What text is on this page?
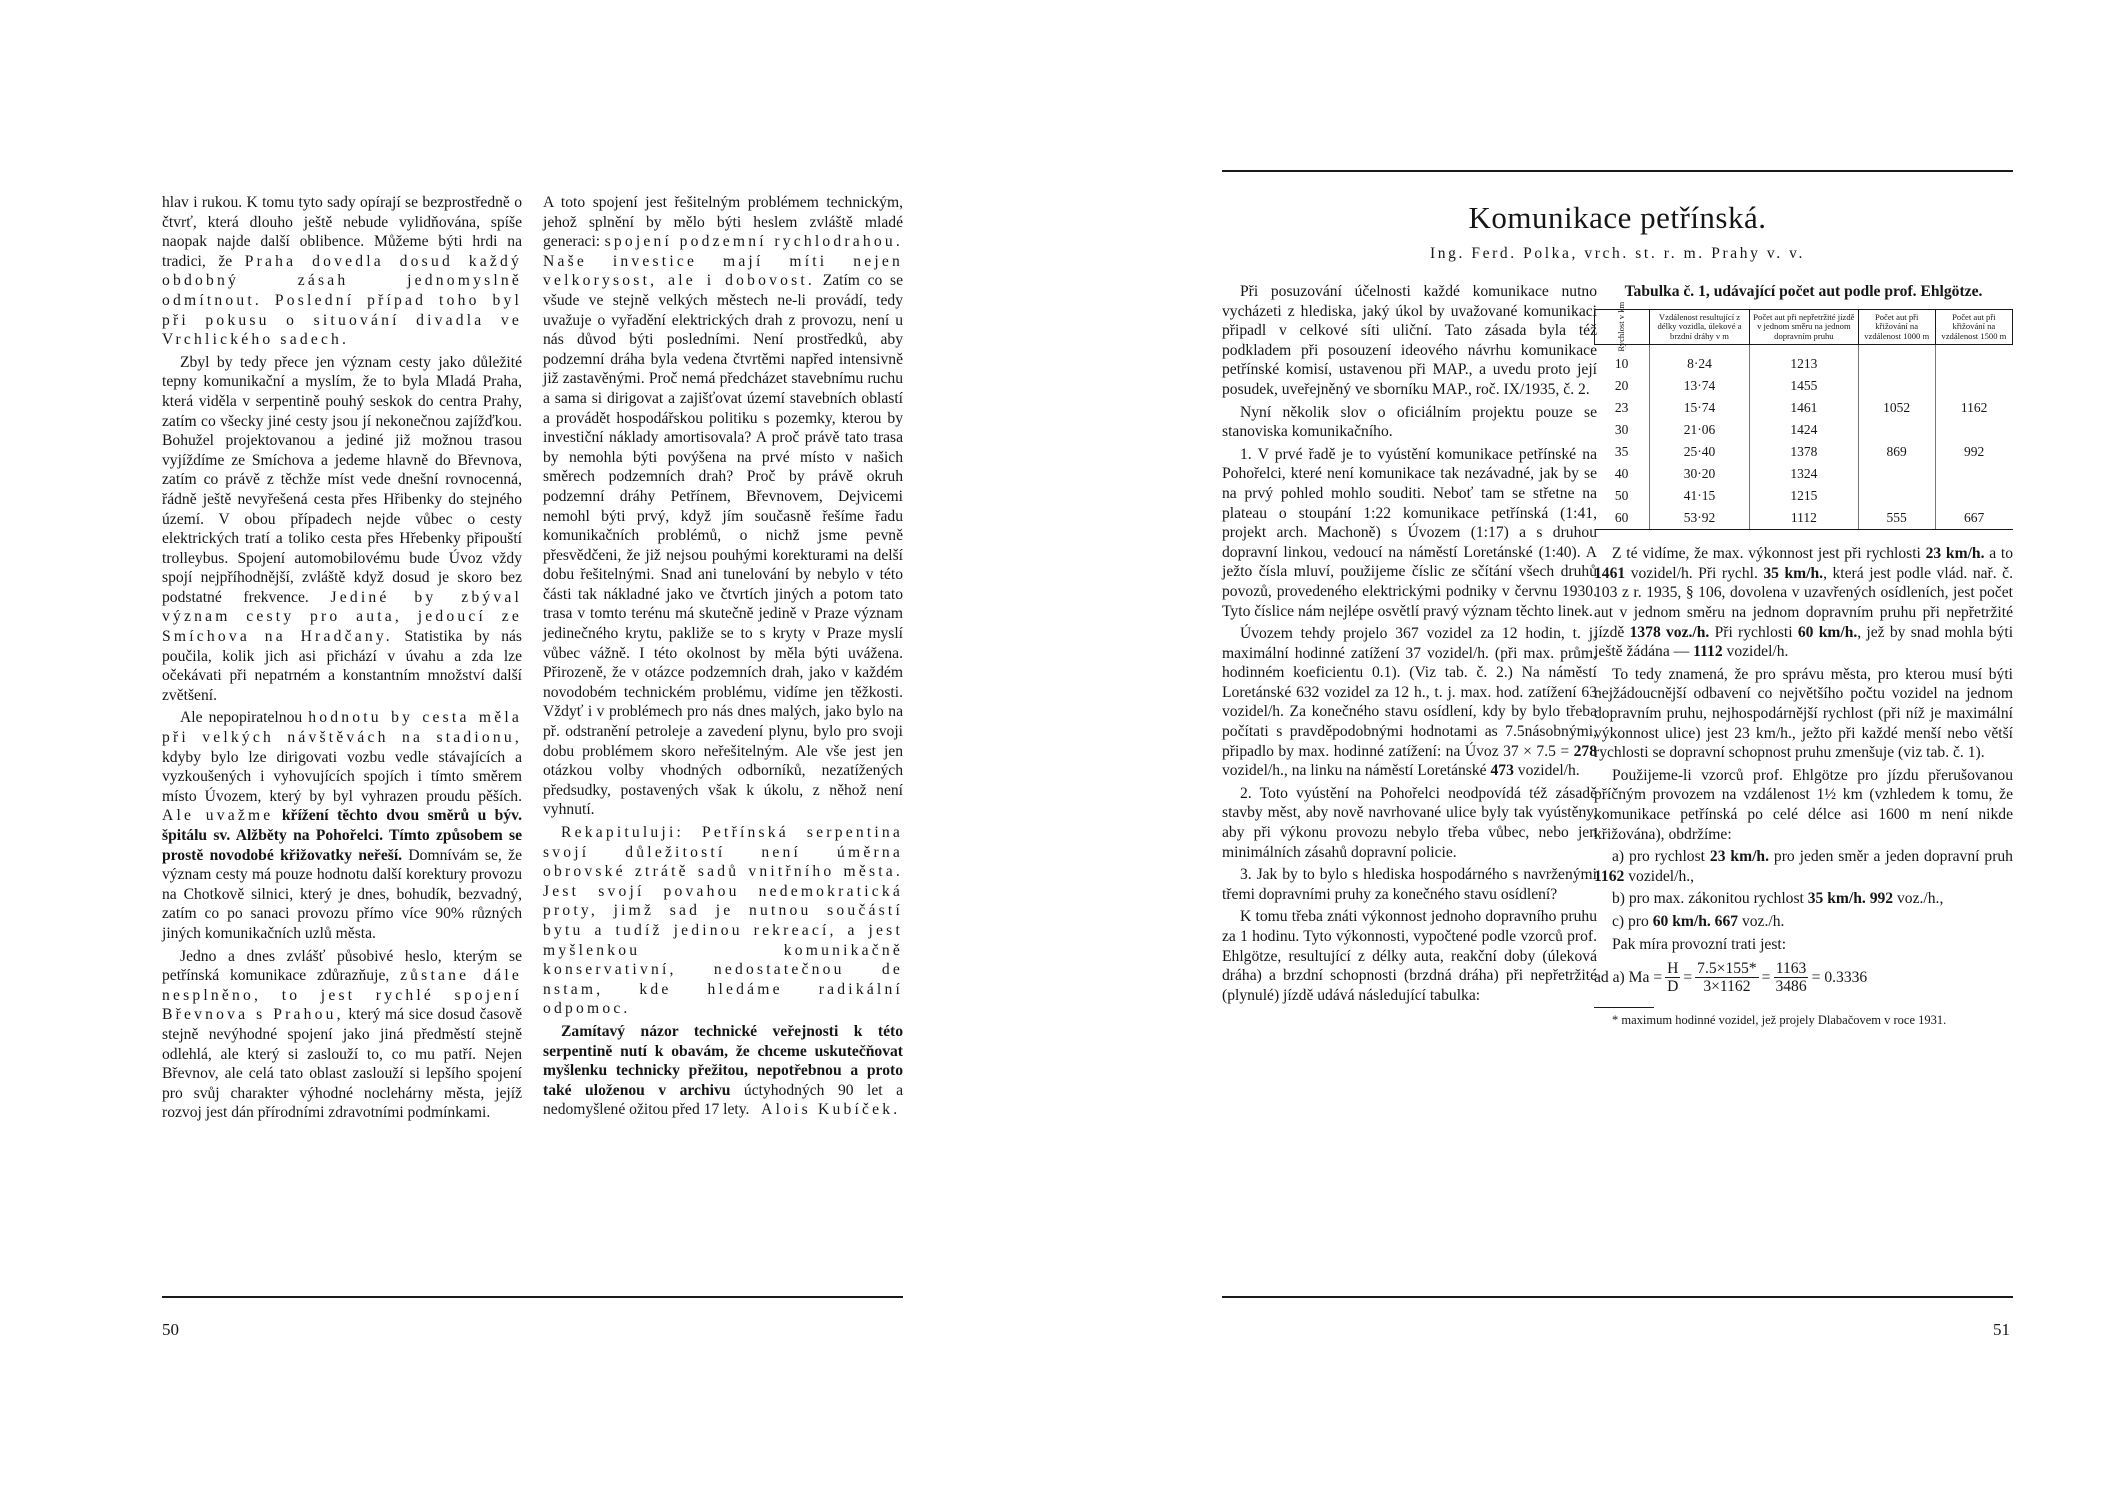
hlav i rukou. K tomu tyto sady opírají se bezprostředně o čtvrť, která dlouho ještě nebude vylidňována, spíše naopak najde další oblibence. Můžeme býti hrdi na tradici, že Praha dovedla dosud každý obdobný zásah jednomyslně odmítnout. Poslední případ toho byl při pokusu o situování divadla ve Vrchlického sadech.

Zbyl by tedy přece jen význam cesty jako důležité tepny komunikační a myslím, že to byla Mladá Praha, která viděla v serpentině pouhý seskok do centra Prahy, zatím co všecky jiné cesty jsou jí nekonečnou zajížďkou. Bohužel projektovanou a jediné již možnou trasou vyjíždíme ze Smíchova a jedeme hlavně do Břevnova, zatím co právě z těchže míst vede dnešní rovnocenná, řádně ještě nevyřešená cesta přes Hřibenky do stejného území. V obou případech nejde vůbec o cesty elektrických tratí a toliko cesta přes Hřebenky připouští trolleybus. Spojení automobilovému bude Úvoz vždy spojí nejpříhodnější, zvláště když dosud je skoro bez podstatné frekvence. Jediné by zbýval význam cesty pro auta, jedoucí ze Smíchova na Hradčany. Statistika by nás poučila, kolik jich asi přichází v úvahu a zda lze očekávati při nepatrném a konstantním množství další zvětšení.

Ale nepopiratelnou hodnotu by cesta měla při velkých návštěvách na stadionu, kdyby bylo lze dirigovati vozbu vedle stávajících a vyzkoušených i vyhovujících spojích i tímto směrem místo Úvozem, který by byl vyhrazen proudu pěších. Ale uvažme křížení těchto dvou směrů u býv. špitálu sv. Alžběty na Pohořelci. Tímto způsobem se prostě novodobé křižovatky neřeší. Domnívám se, že význam cesty má pouze hodnotu další korektury provozu na Chotkově silnici, který je dnes, bohudík, bezvadný, zatím co po sanaci provozu přímo více 90% různých jiných komunikačních uzlů města.

Jedno a dnes zvlášť působivé heslo, kterým se petřínská komunikace zdůrazňuje, zůstane dále nesplněno, to jest rychlé spojení Břevnova s Prahou, který má sice dosud časově stejně nevýhodné spojení jako jiná předměstí stejně odlehlá, ale který si zaslouží to, co mu patří. Nejen Břevnov, ale celá tato oblast zaslouží si lepšího spojení pro svůj charakter výhodné noclehárny města, jejíž rozvoj jest dán přírodními zdravotními podmínkami.

A toto spojení jest řešitelným problémem technickým, jehož splnění by mělo býti heslem zvláště mladé generaci: spojení podzemní rychlodrahou. Naše investice mají míti nejen velkorysost, ale i dobovost. Zatím co se všude ve stejně velkých městech ne-li provádí, tedy uvažuje o vyřadění elektrických drah z provozu, není u nás důvod býti posledními. Není prostředků, aby podzemní dráha byla vedena čtvrtěmi napřed intensivně již zastavěnými. Proč nemá předcházet stavebnímu ruchu a sama si dirigovat a zajišťovat území stavebních oblastí a provádět hospodářskou politiku s pozemky, kterou by investiční náklady amortisovala? A proč právě tato trasa by nemohla býti povýšena na prvé místo v našich směrech podzemních drah? Proč by právě okruh podzemní dráhy Petřínem, Břevnovem, Dejvicemi nemohl býti prvý, když jím současně řešíme řadu komunikačních problémů, o nichž jsme pevně přesvědčeni, že již nejsou pouhými korekturami na delší dobu řešitelnými. Snad ani tunelování by nebylo v této části tak nákladné jako ve čtvrtích jiných a potom tato trasa v tomto terénu má skutečně jedině v Praze význam jedinečného krytu, pakliže se to s kryty v Praze myslí vůbec vážně. I této okolnost by měla býti uvážena. Přirozeně, že v otázce podzemních drah, jako v každém novodobém technickém problému, vidíme jen těžkosti. Vždyť i v problémech pro nás dnes malých, jako bylo na př. odstranění petroleje a zavedení plynu, bylo pro svoji dobu problémem skoro neřešitelným. Ale vše jest jen otázkou volby vhodných odborníků, nezatížených předsudky, postavených však k úkolu, z něhož není vyhnutí.

Rekapituluji: Petřínská serpentina svojí důležitostí není úměrna obrovské ztrátě sadů vnitřního města. Jest svojí povahou nedemokratická proty, jimž sad je nutnou součástí bytu a tudíž jedinou rekreací, a jest myšlenkou komunikačně konservativní, nedostatečnou de nstam, kde hledáme radikální odpomoc.

Zamítavý názor technické veřejnosti k této serpentině nutí k obavám, že chceme uskutečňovat myšlenku technicky přežitou, nepotřebnou a proto také uloženou v archivu úctyhodných 90 let a nedomyšlené ožitou před 17 lety. Alois Kubíček.

50
Komunikace petřínská.
Ing. Ferd. Polka, vrch. st. r. m. Prahy v. v.

Při posuzování účelnosti každé komunikace nutno vycházeti z hlediska, jaký úkol by uvažované komunikaci připadl v celkové síti uliční. Tato zásada byla též podkladem při posouzení ideového návrhu komunikace petřínské komisí, ustavenou při MAP., a uvedu proto její posudek, uveřejněný ve sborníku MAP., roč. IX/1935, č. 2.

Nyní několik slov o oficiálním projektu pouze se stanoviska komunikačního.

1. V prvé řadě je to vyústění komunikace petřínské na Pohořelci, které není komunikace tak nezávadné, jak by se na prvý pohled mohlo souditi. Neboť tam se střetne na plateau o stoupání 1:22 komunikace petřínská (1:41, projekt arch. Machoně) s Úvozem (1:17) a s druhou dopravní linkou, vedoucí na náměstí Loretánské (1:40). A ježto čísla mluví, použijeme číslic ze sčítání všech druhů povozů, provedeného elektrickými podniky v červnu 1930. Tyto číslice nám nejlépe osvětlí pravý význam těchto linek.

Úvozem tehdy projelo 367 vozidel za 12 hodin, t. j. maximální hodinné zatížení 37 vozidel/h. (při max. prům. hodinném koeficientu 0.1). (Viz tab. č. 2.) Na náměstí Loretánské 632 vozidel za 12 h., t. j. max. hod. zatížení 63 vozidel/h. Za konečného stavu osídlení, kdy by bylo třeba počítati s pravděpodobnými hodnotami as 7.5násobnými, připadlo by max. hodinné zatížení: na Úvoz 37 × 7.5 = 278 vozidel/h., na linku na náměstí Loretánské 473 vozidel/h.

2. Toto vyústění na Pohořelci neodpovídá též zásadě stavby měst, aby nově navrhované ulice byly tak vyústěny, aby při výkonu provozu nebylo třeba vůbec, nebo jen minimálních zásahů dopravní policie.

3. Jak by to bylo s hlediska hospodárného s navrženými třemi dopravními pruhy za konečného stavu osídlení?

K tomu třeba znáti výkonnost jednoho dopravního pruhu za 1 hodinu. Tyto výkonnosti, vypočtené podle vzorců prof. Ehlgötze, resultující z délky auta, reakční doby (úleková dráha) a brzdní schopnosti (brzdná dráha) při nepřetržité (plynulé) jízdě udává následující tabulka:

Tabulka č. 1, udávající počet aut podle prof. Ehlgötze.
Rychlost v km	Vzdálenost resultující z délky vozidla, úlekové a brzdní dráhy v m	Počet aut při nepřetržité jízdě v jednom směru na jednom dopravním pruhu	Počet aut při křižování na vzdálenost 1000 m	Počet aut při křižování na vzdálenost 1500 m
10	8·24	1213		
20	13·74	1455		
23	15·74	1461	1052	1162
30	21·06	1424		
35	25·40	1378	869	992
40	30·20	1324		
50	41·15	1215		
60	53·92	1112	555	667

Z té vidíme, že max. výkonnost jest při rychlosti 23 km/h. a to 1461 vozidel/h. Při rychl. 35 km/h., která jest podle vlád. nař. č. 103 z r. 1935, § 106, dovolena v uzavřených osídleních, jest počet aut v jednom směru na jednom dopravním pruhu při nepřetržité jízdě 1378 voz./h. Při rychlosti 60 km/h., jež by snad mohla býti ještě žádána — 1112 vozidel/h.

To tedy znamená, že pro správu města, pro kterou musí býti nejžádoucnější odbavení co největšího počtu vozidel na jednom dopravním pruhu, nejhospodárnější rychlost (při níž je maximální výkonnost ulice) jest 23 km/h., ježto při každé menší nebo větší rychlosti se dopravní schopnost pruhu zmenšuje (viz tab. č. 1).

Použijeme-li vzorců prof. Ehlgötze pro jízdu přerušovanou příčným provozem na vzdálenost 1½ km (vzhledem k tomu, že komunikace petřínská po celé délce asi 1600 m není nikde křižována), obdržíme:

a) pro rychlost 23 km/h. pro jeden směr a jeden dopravní pruh 1162 vozidel/h.,

b) pro max. zákonitou rychlost 35 km/h. 992 voz./h.,

c) pro 60 km/h. 667 voz./h.

Pak míra provozní trati jest:

ad a) $Ma = \frac{H}{D} = \frac{7.5\times 155*}{3\times 1162} = \frac{1163}{3486} = 0.3336$

* maximum hodinné vozidel, jež projely Dlabačovem v roce 1931.

51
